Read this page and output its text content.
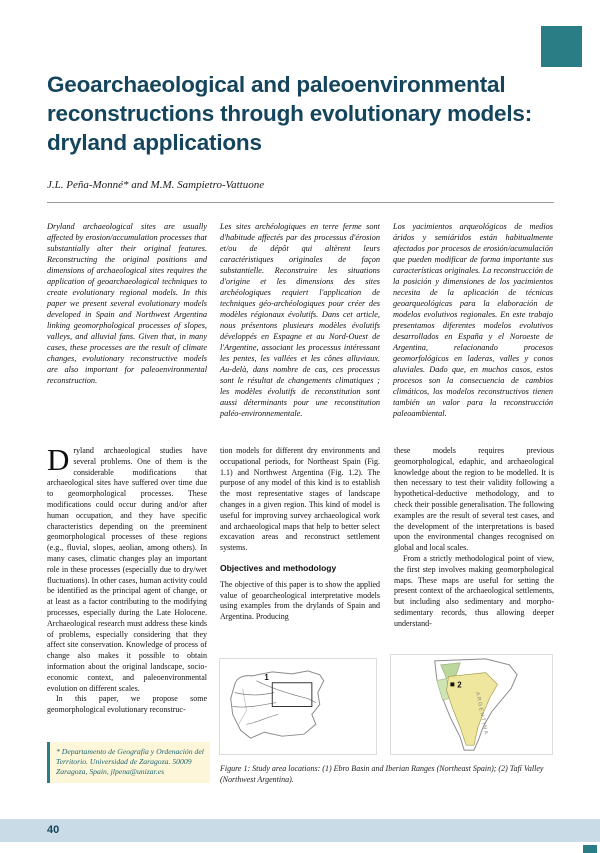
Geoarchaeological and paleoenvironmental reconstructions through evolutionary models: dryland applications
J.L. Peña-Monné* and M.M. Sampietro-Vattuone

Dryland archaeological sites are usually affected by erosion/accumulation processes that substantially alter their original features. Reconstructing the original positions and dimensions of archaeological sites requires the application of geoarchaeological techniques to create evolutionary regional models. In this paper we present several evolutionary models developed in Spain and Northwest Argentina linking geomorphological processes of slopes, valleys, and alluvial fans. Given that, in many cases, these processes are the result of climate changes, evolutionary reconstructive models are also important for paleoenvironmental reconstruction.

Les sites archéologiques en terre ferme sont d'habitude affectés par des processus d'érosion et/ou de dépôt qui altèrent leurs caractéristiques originales de façon substantielle. Reconstruire les situations d'origine et les dimensions des sites archéologiques requiert l'application de techniques géo-archéologiques pour créer des modèles régionaux évolutifs. Dans cet article, nous présentons plusieurs modèles évolutifs développés en Espagne et au Nord-Ouest de l'Argentine, associant les processus intéressant les pentes, les vallées et les cônes alluviaux. Au-delà, dans nombre de cas, ces processus sont le résultat de changements climatiques ; les modèles évolutifs de reconstitution sont aussi déterminants pour une reconstitution paléo-environnementale.

Los yacimientos arqueológicos de medios áridos y semiáridos están habitualmente afectados por procesos de erosión/acumulación que pueden modificar de forma importante sus características originales. La reconstrucción de la posición y dimensiones de los yacimientos necesita de la aplicación de técnicas geoarqueológicas para la elaboración de modelos evolutivos regionales. En este trabajo presentamos diferentes modelos evolutivos desarrollados en España y el Noroeste de Argentina, relacionando procesos geomorfológicos en laderas, valles y conos aluviales. Dado que, en muchos casos, estos procesos son la consecuencia de cambios climáticos, los modelos reconstructivos tienen también un valor para la reconstrucción paleoambiental.

Dryland archaeological studies have several problems. One of them is the considerable modifications that archaeological sites have suffered over time due to geomorphological processes. These modifications could occur during and/or after human occupation, and they have specific characteristics depending on the preeminent geomorphological processes of these regions (e.g., fluvial, slopes, aeolian, among others). In many cases, climatic changes play an important role in these processes (especially due to dry/wet fluctuations). In other cases, human activity could be identified as the principal agent of change, or at least as a factor contributing to the modifying processes, especially during the Late Holocene. Archaeological research must address these kinds of problems, especially considering that they affect site conservation. Knowledge of process of change also makes it possible to obtain information about the original landscape, socio-economic context, and paleoenvironmental evolution on different scales.

In this paper, we propose some geomorphological evolutionary reconstruc-

tion models for different dry environments and occupational periods, for Northeast Spain (Fig. 1.1) and Northwest Argentina (Fig. 1.2). The purpose of any model of this kind is to establish the most representative stages of landscape changes in a given region. This kind of model is useful for improving survey archaeological work and archaeological maps that help to better select excavation areas and reconstruct settlement systems.

Objectives and methodology

The objective of this paper is to show the applied value of geoarcheological interpretative models using examples from the drylands of Spain and Argentina. Producing

these models requires previous geomorphological, edaphic, and archaeological knowledge about the region to be modelled. It is then necessary to test their validity following a hypothetical-deductive methodology, and to check their possible generalisation. The following examples are the result of several test cases, and the development of the interpretations is based upon the environmental changes recognised on global and local scales.

From a strictly methodological point of view, the first step involves making geomorphological maps. These maps are useful for setting the present context of the archaeological settlements, but including also sedimentary and morpho-sedimentary records, thus allowing deeper understand-

* Departamento de Geografía y Ordenación del Territorio. Universidad de Zaragoza. 50009 Zaragoza, Spain, jlpena@unizar.es
1
2
ARGENTINA

Figure 1: Study area locations: (1) Ebro Basin and Iberian Ranges (Northeast Spain); (2) Tafí Valley (Northwest Argentina).

40
